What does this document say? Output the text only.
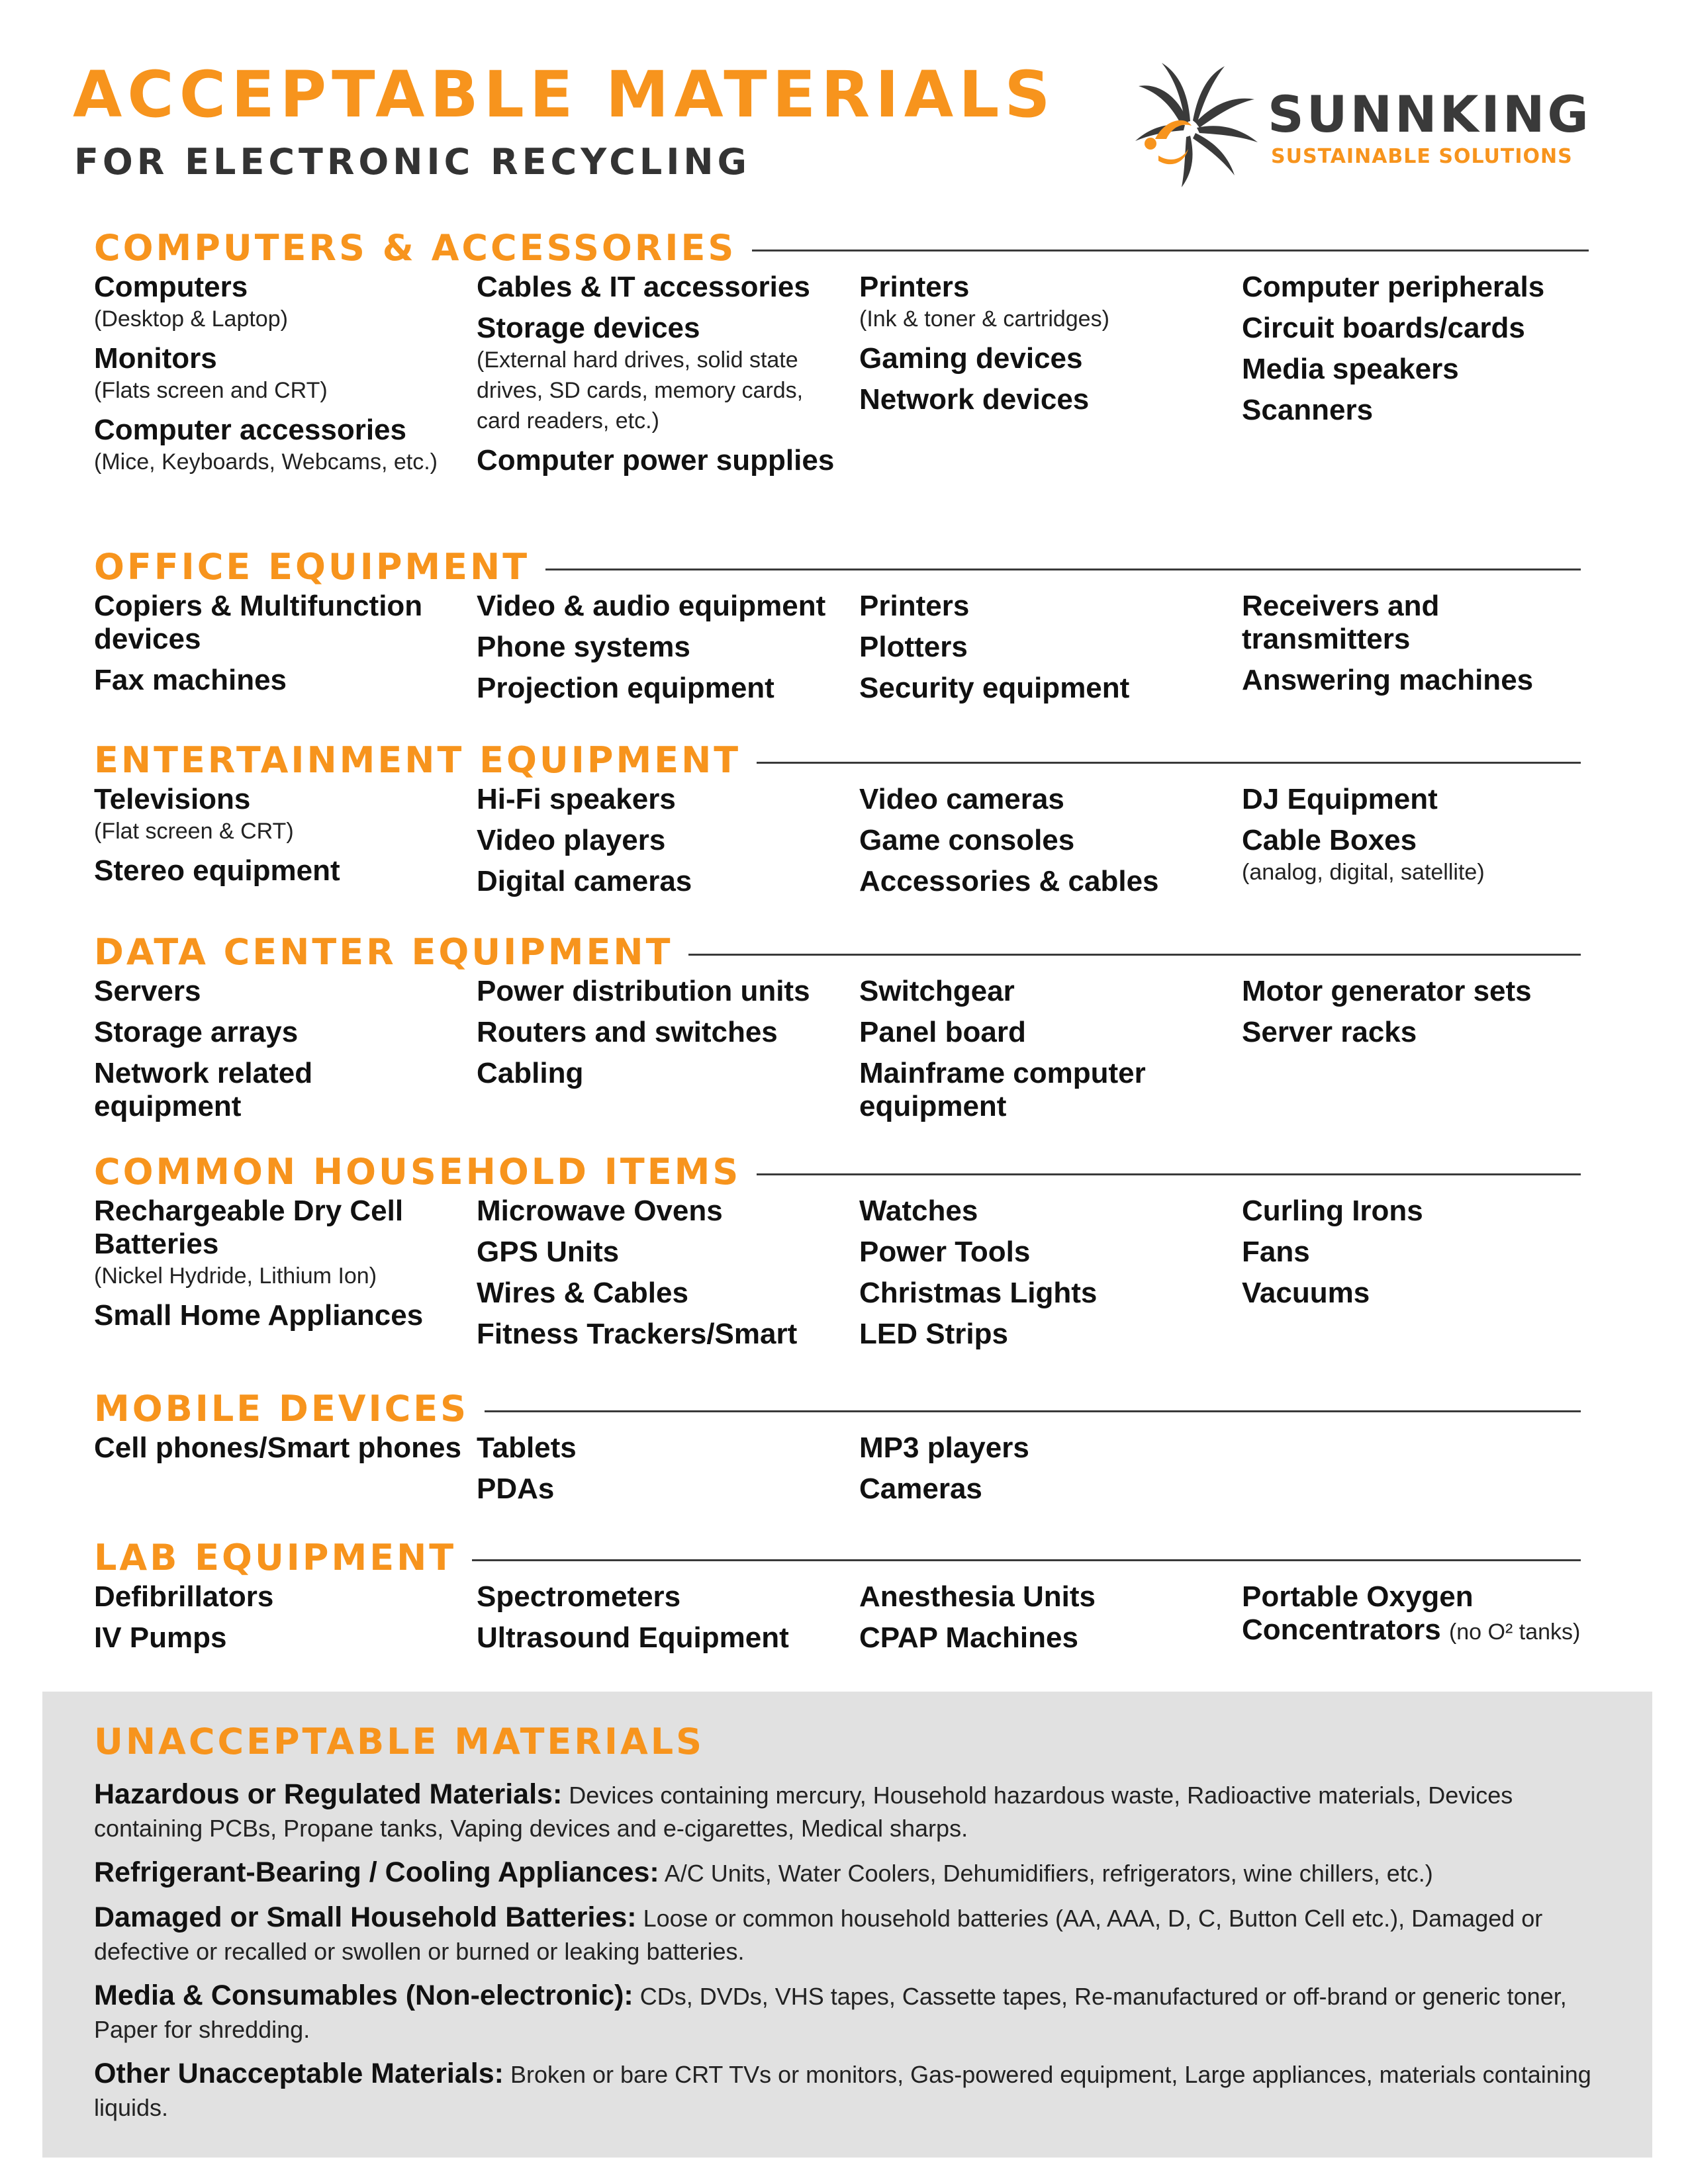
ACCEPTABLE MATERIALS
FOR ELECTRONIC RECYCLING
SUNNKING
SUSTAINABLE SOLUTIONS
COMPUTERS & ACCESSORIES
Computers
(Desktop & Laptop)
Monitors
(Flats screen and CRT)
Computer accessories
(Mice, Keyboards, Webcams, etc.)
Cables & IT accessories
Storage devices
(External hard drives, solid state drives, SD cards, memory cards, card readers, etc.)
Computer power supplies
Printers
(Ink & toner & cartridges)
Gaming devices
Network devices
Computer peripherals
Circuit boards/cards
Media speakers
Scanners
OFFICE EQUIPMENT
Copiers & Multifunction devices
Fax machines
Video & audio equipment
Phone systems
Projection equipment
Printers
Plotters
Security equipment
Receivers and transmitters
Answering machines
ENTERTAINMENT EQUIPMENT
Televisions
(Flat screen & CRT)
Stereo equipment
Hi-Fi speakers
Video players
Digital cameras
Video cameras
Game consoles
Accessories & cables
DJ Equipment
Cable Boxes
(analog, digital, satellite)
DATA CENTER EQUIPMENT
Servers
Storage arrays
Network related equipment
Power distribution units
Routers and switches
Cabling
Switchgear
Panel board
Mainframe computer equipment
Motor generator sets
Server racks
COMMON HOUSEHOLD ITEMS
Rechargeable Dry Cell Batteries
(Nickel Hydride, Lithium Ion)
Small Home Appliances
Microwave Ovens
GPS Units
Wires & Cables
Fitness Trackers/Smart
Watches
Power Tools
Christmas Lights
LED Strips
Curling Irons
Fans
Vacuums
MOBILE DEVICES
Cell phones/Smart phones Tablets
PDAs
MP3 players
Cameras
LAB EQUIPMENT
Defibrillators
IV Pumps
Spectrometers
Ultrasound Equipment
Anesthesia Units
CPAP Machines
Portable Oxygen Concentrators (no O² tanks)
UNACCEPTABLE MATERIALS
Hazardous or Regulated Materials: Devices containing mercury, Household hazardous waste, Radioactive materials, Devices containing PCBs, Propane tanks, Vaping devices and e-cigarettes, Medical sharps.
Refrigerant-Bearing / Cooling Appliances: A/C Units, Water Coolers, Dehumidifiers, refrigerators, wine chillers, etc.)
Damaged or Small Household Batteries: Loose or common household batteries (AA, AAA, D, C, Button Cell etc.), Damaged or defective or recalled or swollen or burned or leaking batteries.
Media & Consumables (Non-electronic): CDs, DVDs, VHS tapes, Cassette tapes, Re-manufactured or off-brand or generic toner, Paper for shredding.
Other Unacceptable Materials: Broken or bare CRT TVs or monitors, Gas-powered equipment, Large appliances, materials containing liquids.
